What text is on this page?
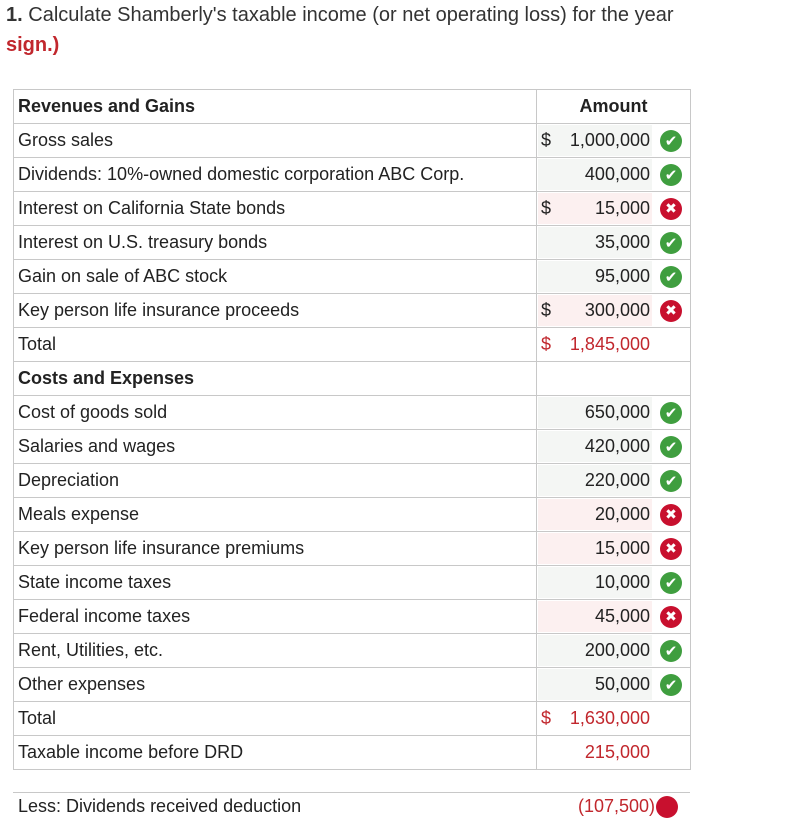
1. Calculate Shamberly's taxable income (or net operating loss) for the year
sign.)
Revenues and Gains	Amount
Gross sales	$ 1,000,000 ✔

Dividends: 10%-owned domestic corporation ABC Corp.	400,000 ✔

Interest on California State bonds	$ 15,000 ✖

Interest on U.S. treasury bonds	35,000 ✔

Gain on sale of ABC stock	95,000 ✔

Key person life insurance proceeds	$ 300,000 ✖

Total	$ 1,845,000

Costs and Expenses	
Cost of goods sold	650,000 ✔

Salaries and wages	420,000 ✔

Depreciation	220,000 ✔

Meals expense	20,000 ✖

Key person life insurance premiums	15,000 ✖

State income taxes	10,000 ✔

Federal income taxes	45,000 ✖

Rent, Utilities, etc.	200,000 ✔

Other expenses	50,000 ✔

Total	$ 1,630,000

Taxable income before DRD	215,000
Less: Dividends received deduction	(107,500)
